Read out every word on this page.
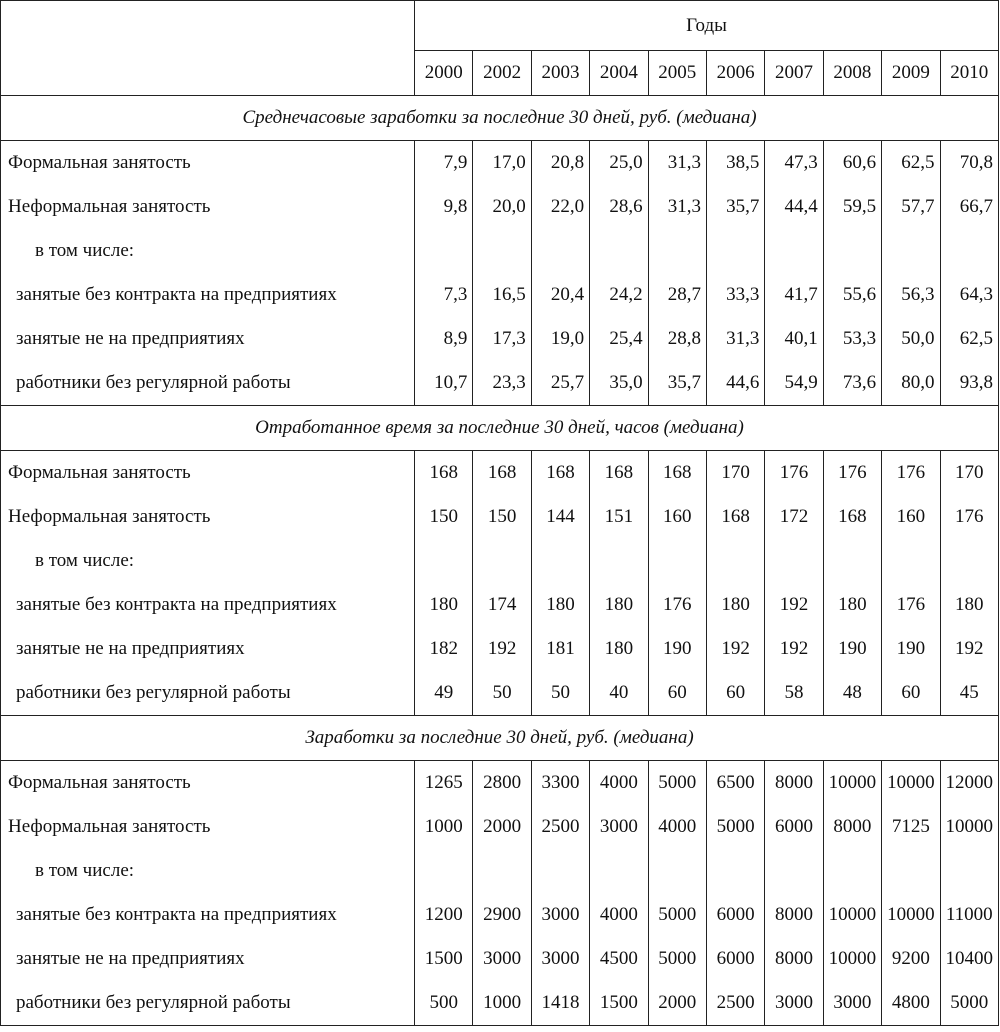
	Годы									
	2000	2002	2003	2004	2005	2006	2007	2008	2009	2010
Среднечасовые заработки за последние 30 дней, руб. (медиана)										
Формальная занятость	7,9	17,0	20,8	25,0	31,3	38,5	47,3	60,6	62,5	70,8
Неформальная занятость	9,8	20,0	22,0	28,6	31,3	35,7	44,4	59,5	57,7	66,7
в том числе:										
занятые без контракта на предприятиях	7,3	16,5	20,4	24,2	28,7	33,3	41,7	55,6	56,3	64,3
занятые не на предприятиях	8,9	17,3	19,0	25,4	28,8	31,3	40,1	53,3	50,0	62,5
работники без регулярной работы	10,7	23,3	25,7	35,0	35,7	44,6	54,9	73,6	80,0	93,8
Отработанное время за последние 30 дней, часов (медиана)										
Формальная занятость	168	168	168	168	168	170	176	176	176	170
Неформальная занятость	150	150	144	151	160	168	172	168	160	176
в том числе:										
занятые без контракта на предприятиях	180	174	180	180	176	180	192	180	176	180
занятые не на предприятиях	182	192	181	180	190	192	192	190	190	192
работники без регулярной работы	49	50	50	40	60	60	58	48	60	45
Заработки за последние 30 дней, руб. (медиана)										
Формальная занятость	1265	2800	3300	4000	5000	6500	8000	10000	10000	12000
Неформальная занятость	1000	2000	2500	3000	4000	5000	6000	8000	7125	10000
в том числе:										
занятые без контракта на предприятиях	1200	2900	3000	4000	5000	6000	8000	10000	10000	11000
занятые не на предприятиях	1500	3000	3000	4500	5000	6000	8000	10000	9200	10400
работники без регулярной работы	500	1000	1418	1500	2000	2500	3000	3000	4800	5000
